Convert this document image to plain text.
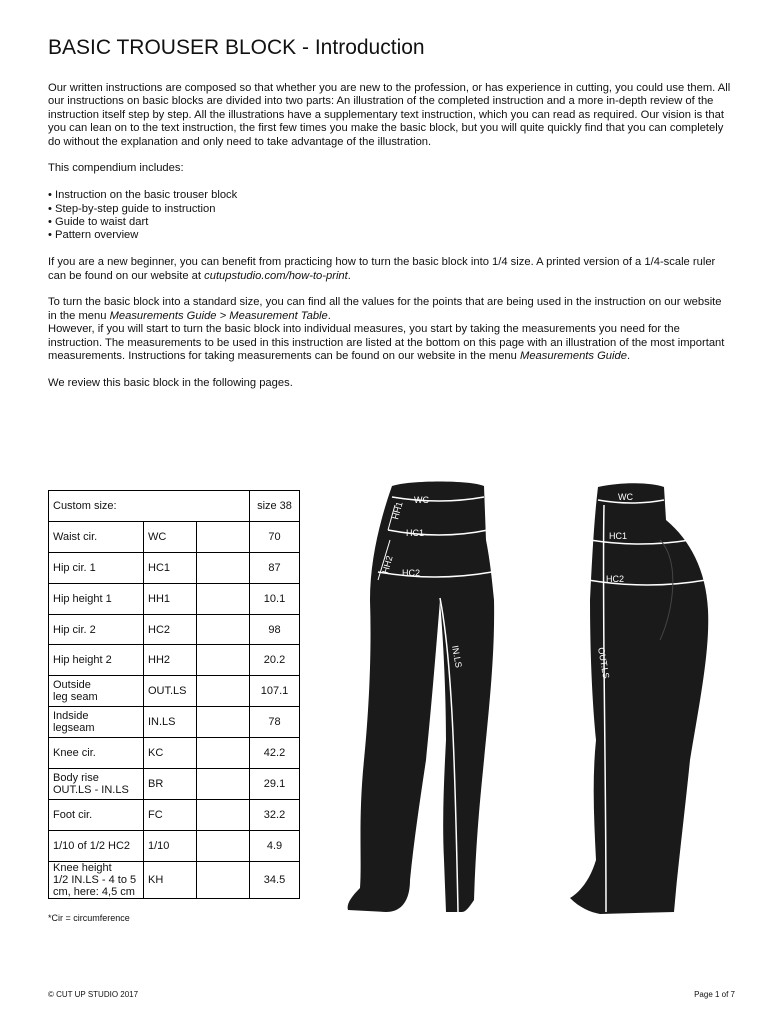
BASIC TROUSER BLOCK - Introduction

Our written instructions are composed so that whether you are new to the profession, or has experience in cutting, you could use them. All our instructions on basic blocks are divided into two parts: An illustration of the completed instruction and a more in-depth review of the instruction itself step by step. All the illustrations have a supplementary text instruction, which you can read as required. Our vision is that you can lean on to the text instruction, the first few times you make the basic block, but you will quite quickly find that you can completely do without the explanation and only need to take advantage of the illustration.

This compendium includes:

• Instruction on the basic trouser block
• Step-by-step guide to instruction
• Guide to waist dart
• Pattern overview

If you are a new beginner, you can benefit from practicing how to turn the basic block into 1/4 size. A printed version of a 1/4-scale ruler can be found on our website at cutupstudio.com/how-to-print.

To turn the basic block into a standard size, you can find all the values for the points that are being used in the instruction on our website in the menu Measurements Guide > Measurement Table.

However, if you will start to turn the basic block into individual measures, you start by taking the measurements you need for the instruction. The measurements to be used in this instruction are listed at the bottom on this page with an illustration of the most important measurements. Instructions for taking measurements can be found on our website in the menu Measurements Guide.

We review this basic block in the following pages.

Custom size:			size 38
Waist cir.	WC		70
Hip cir. 1	HC1		87
Hip height 1	HH1		10.1
Hip cir. 2	HC2		98
Hip height 2	HH2		20.2
Outside
leg seam	OUT.LS		107.1
Indside
legseam	IN.LS		78
Knee cir.	KC		42.2
Body rise
OUT.LS - IN.LS	BR		29.1
Foot cir.	FC		32.2
1/10 of 1/2 HC2	1/10		4.9
Knee height
1/2 IN.LS - 4 to 5
cm, here: 4,5 cm	KH		34.5
*Cir = circumference
WC
HH1
HC1
HH2 HC2
IN.LS
WC
HC1
HC2
OUT.LS
© CUT UP STUDIO 2017	Page 1 of 7
